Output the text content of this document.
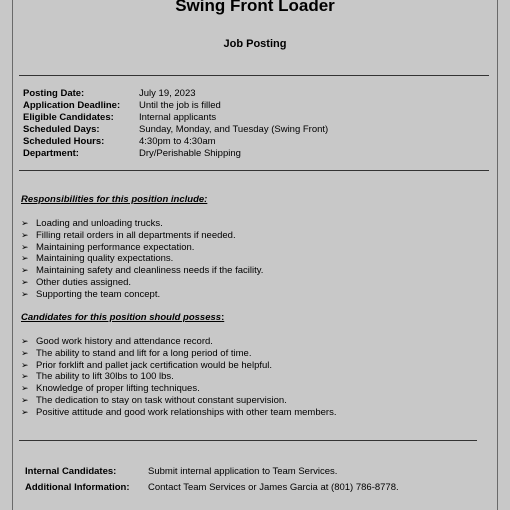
Swing Front Loader
Job Posting
Posting Date:	July 19, 2023
Application Deadline:	Until the job is filled
Eligible Candidates:	Internal applicants
Scheduled Days:	Sunday, Monday, and Tuesday (Swing Front)
Scheduled Hours:	4:30pm to 4:30am
Department:	Dry/Perishable Shipping
Responsibilities for this position include:
➢ Loading and unloading trucks.
➢ Filling retail orders in all departments if needed.
➢ Maintaining performance expectation.
➢ Maintaining quality expectations.
➢ Maintaining safety and cleanliness needs if the facility.
➢ Other duties assigned.
➢ Supporting the team concept.
Candidates for this position should possess:
➢ Good work history and attendance record.
➢ The ability to stand and lift for a long period of time.
➢ Prior forklift and pallet jack certification would be helpful.
➢ The ability to lift 30lbs to 100 lbs.
➢ Knowledge of proper lifting techniques.
➢ The dedication to stay on task without constant supervision.
➢ Positive attitude and good work relationships with other team members.
Internal Candidates:	Submit internal application to Team Services.
Additional Information:	Contact Team Services or James Garcia at (801) 786-8778.
